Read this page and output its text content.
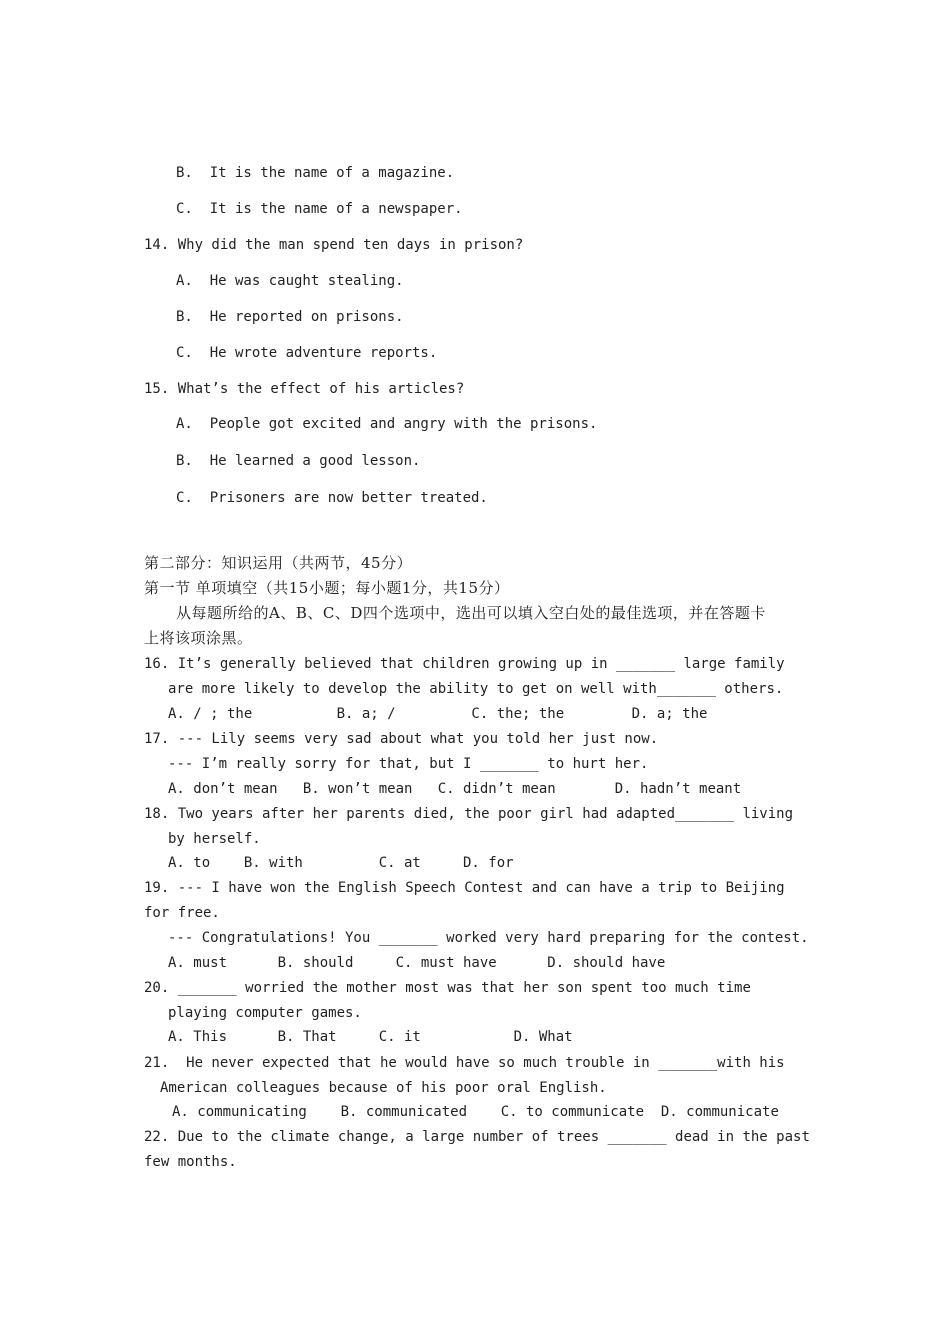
B.  It is the name of a magazine.
C.  It is the name of a newspaper.
14. Why did the man spend ten days in prison?
A.  He was caught stealing.
B.  He reported on prisons.
C.  He wrote adventure reports.
15. What’s the effect of his articles?
A.  People got excited and angry with the prisons.
B.  He learned a good lesson.
C.  Prisoners are now better treated.
第二部分：知识运用（共两节，45分）
第一节 单项填空（共15小题；每小题1分，共15分）
从每题所给的A、B、C、D四个选项中，选出可以填入空白处的最佳选项，并在答题卡
上将该项涂黑。
16. It’s generally believed that children growing up in _______ large family
are more likely to develop the ability to get on well with_______ others.
A. / ; the          B. a; /         C. the; the        D. a; the
17. --- Lily seems very sad about what you told her just now.
--- I’m really sorry for that, but I _______ to hurt her.
A. don’t mean   B. won’t mean   C. didn’t mean       D. hadn’t meant
18. Two years after her parents died, the poor girl had adapted_______ living
by herself.
A. to    B. with         C. at     D. for
19. --- I have won the English Speech Contest and can have a trip to Beijing
for free.
--- Congratulations! You _______ worked very hard preparing for the contest.
A. must      B. should     C. must have      D. should have
20. _______ worried the mother most was that her son spent too much time
playing computer games.
A. This      B. That     C. it           D. What
21.  He never expected that he would have so much trouble in _______with his
American colleagues because of his poor oral English.
A. communicating    B. communicated    C. to communicate  D. communicate
22. Due to the climate change, a large number of trees _______ dead in the past
few months.
